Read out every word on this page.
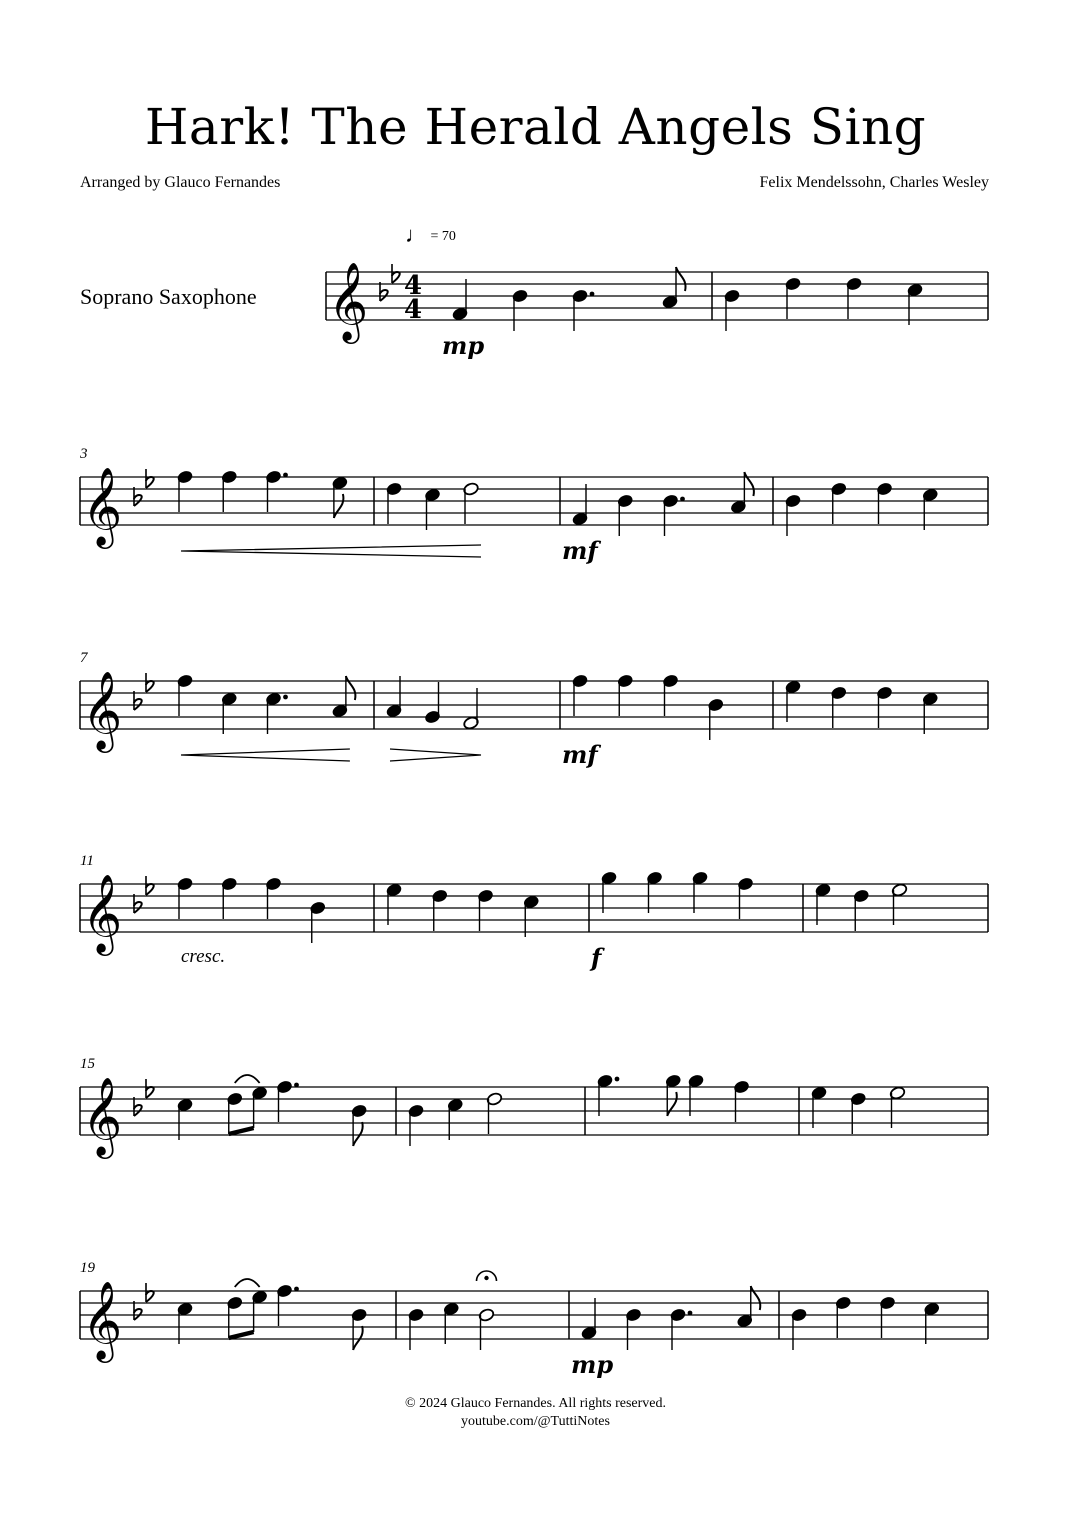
Hark! The Herald Angels Sing
Arranged by Glauco Fernandes	Felix Mendelssohn, Charles Wesley
Soprano Saxophone
♩ = 70
𝄞 4
4
mp
𝄞
3
mf
𝄞
7
mf
𝄞
11
f
cresc.
𝄞
15
𝄞
19
mp
© 2024 Glauco Fernandes. All rights reserved.
youtube.com/@TuttiNotes
